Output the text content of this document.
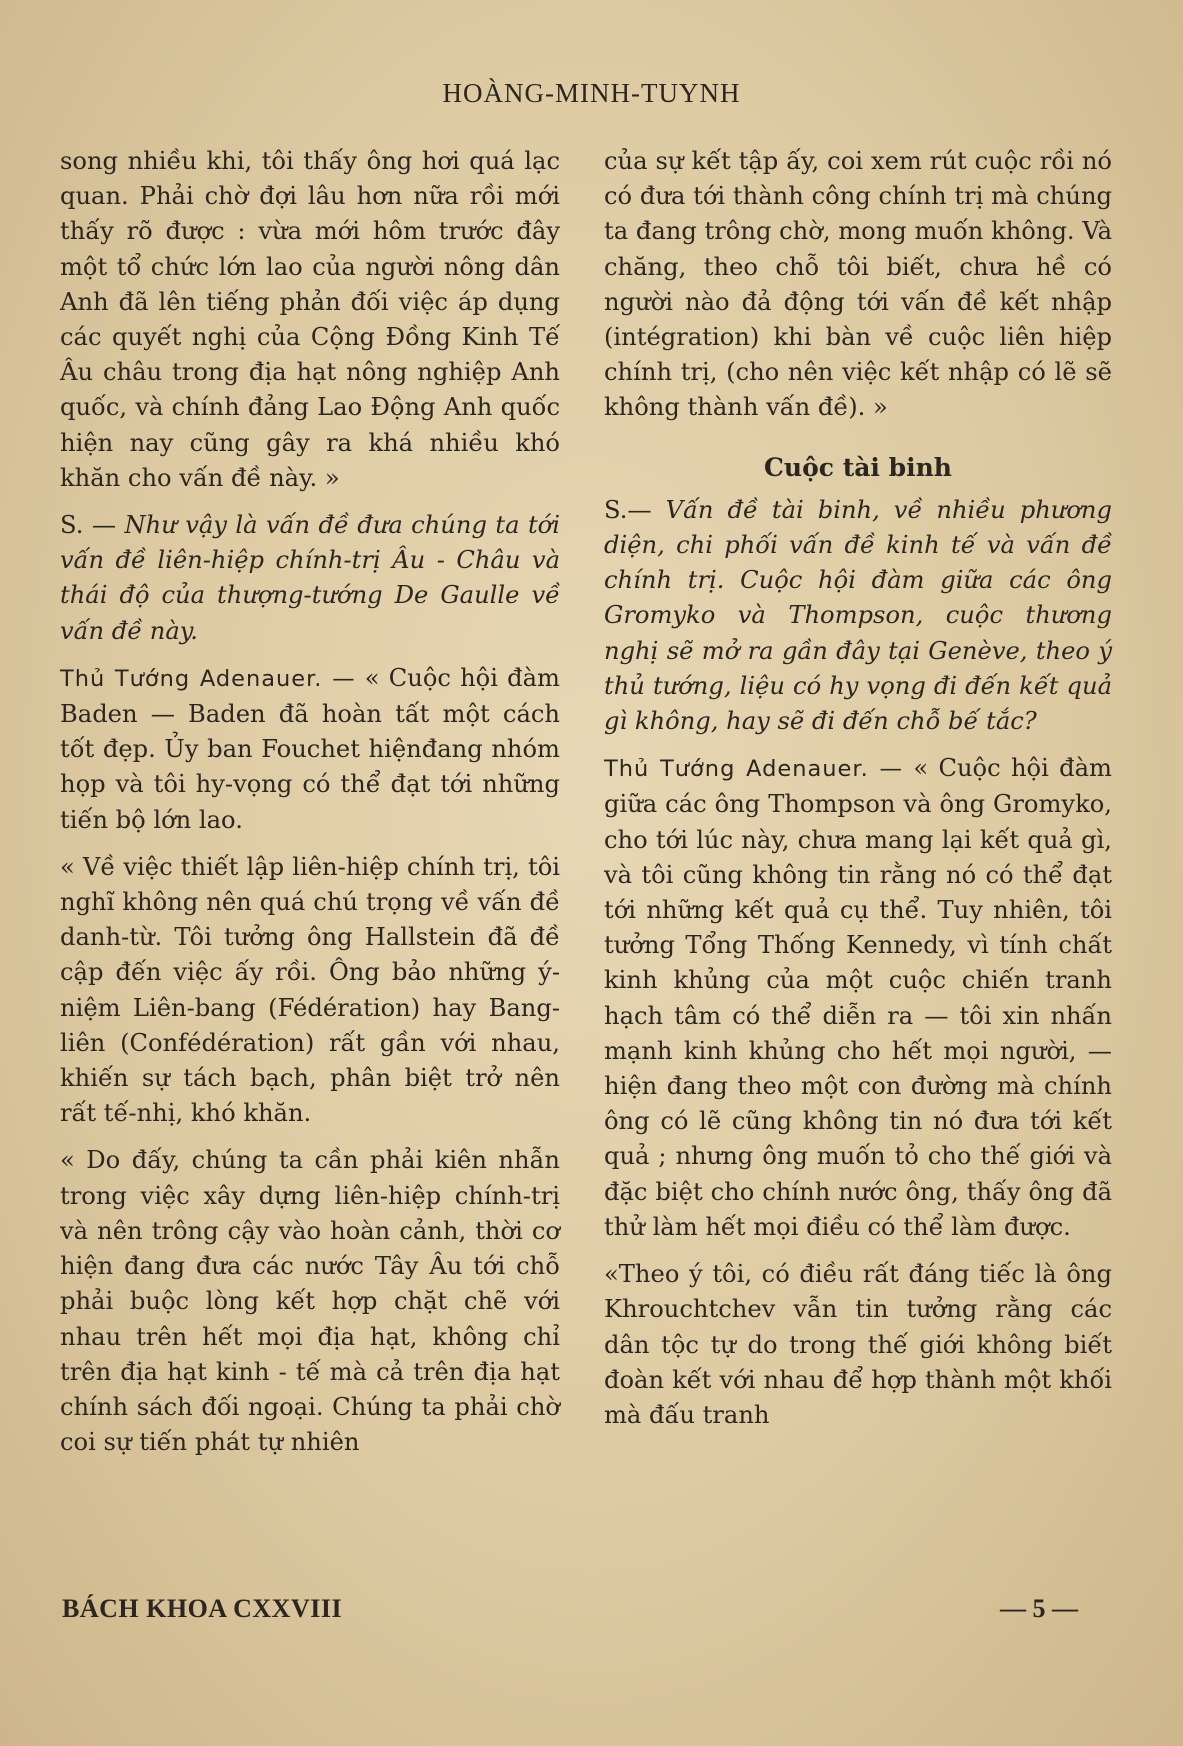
HOÀNG-MINH-TUYNH

song nhiều khi, tôi thấy ông hơi quá lạc quan. Phải chờ đợi lâu hơn nữa rồi mới thấy rõ được : vừa mới hôm trước đây một tổ chức lớn lao của người nông dân Anh đã lên tiếng phản đối việc áp dụng các quyết nghị của Cộng Đồng Kinh Tế Âu châu trong địa hạt nông nghiệp Anh quốc, và chính đảng Lao Động Anh quốc hiện nay cũng gây ra khá nhiều khó khăn cho vấn đề này. »

S. — Như vậy là vấn đề đưa chúng ta tới vấn đề liên-hiệp chính-trị Âu - Châu và thái độ của thượng-tướng De Gaulle về vấn đề này.

Thủ Tướng Adenauer. — « Cuộc hội đàm Baden — Baden đã hoàn tất một cách tốt đẹp. Ủy ban Fouchet hiệnđang nhóm họp và tôi hy-vọng có thể đạt tới những tiến bộ lớn lao.

« Về việc thiết lập liên-hiệp chính trị, tôi nghĩ không nên quá chú trọng về vấn đề danh-từ. Tôi tưởng ông Hallstein đã đề cập đến việc ấy rồi. Ông bảo những ý-niệm Liên-bang (Fédération) hay Bang-liên (Confédération) rất gần với nhau, khiến sự tách bạch, phân biệt trở nên rất tế-nhị, khó khăn.

« Do đấy, chúng ta cần phải kiên nhẫn trong việc xây dựng liên-hiệp chính-trị và nên trông cậy vào hoàn cảnh, thời cơ hiện đang đưa các nước Tây Âu tới chỗ phải buộc lòng kết hợp chặt chẽ với nhau trên hết mọi địa hạt, không chỉ trên địa hạt kinh - tế mà cả trên địa hạt chính sách đối ngoại. Chúng ta phải chờ coi sự tiến phát tự nhiên

của sự kết tập ấy, coi xem rút cuộc rồi nó có đưa tới thành công chính trị mà chúng ta đang trông chờ, mong muốn không. Và chăng, theo chỗ tôi biết, chưa hề có người nào đả động tới vấn đề kết nhập (intégration) khi bàn về cuộc liên hiệp chính trị, (cho nên việc kết nhập có lẽ sẽ không thành vấn đề). »

Cuộc tài binh

S.— Vấn đề tài binh, về nhiều phương diện, chi phối vấn đề kinh tế và vấn đề chính trị. Cuộc hội đàm giữa các ông Gromyko và Thompson, cuộc thương nghị sẽ mở ra gần đây tại Genève, theo ý thủ tướng, liệu có hy vọng đi đến kết quả gì không, hay sẽ đi đến chỗ bế tắc?

Thủ Tướng Adenauer. — « Cuộc hội đàm giữa các ông Thompson và ông Gromyko, cho tới lúc này, chưa mang lại kết quả gì, và tôi cũng không tin rằng nó có thể đạt tới những kết quả cụ thể. Tuy nhiên, tôi tưởng Tổng Thống Kennedy, vì tính chất kinh khủng của một cuộc chiến tranh hạch tâm có thể diễn ra — tôi xin nhấn mạnh kinh khủng cho hết mọi người, — hiện đang theo một con đường mà chính ông có lẽ cũng không tin nó đưa tới kết quả ; nhưng ông muốn tỏ cho thế giới và đặc biệt cho chính nước ông, thấy ông đã thử làm hết mọi điều có thể làm được.

«Theo ý tôi, có điều rất đáng tiếc là ông Khrouchtchev vẫn tin tưởng rằng các dân tộc tự do trong thế giới không biết đoàn kết với nhau để hợp thành một khối mà đấu tranh

BÁCH KHOA CXXVIII	— 5 —
